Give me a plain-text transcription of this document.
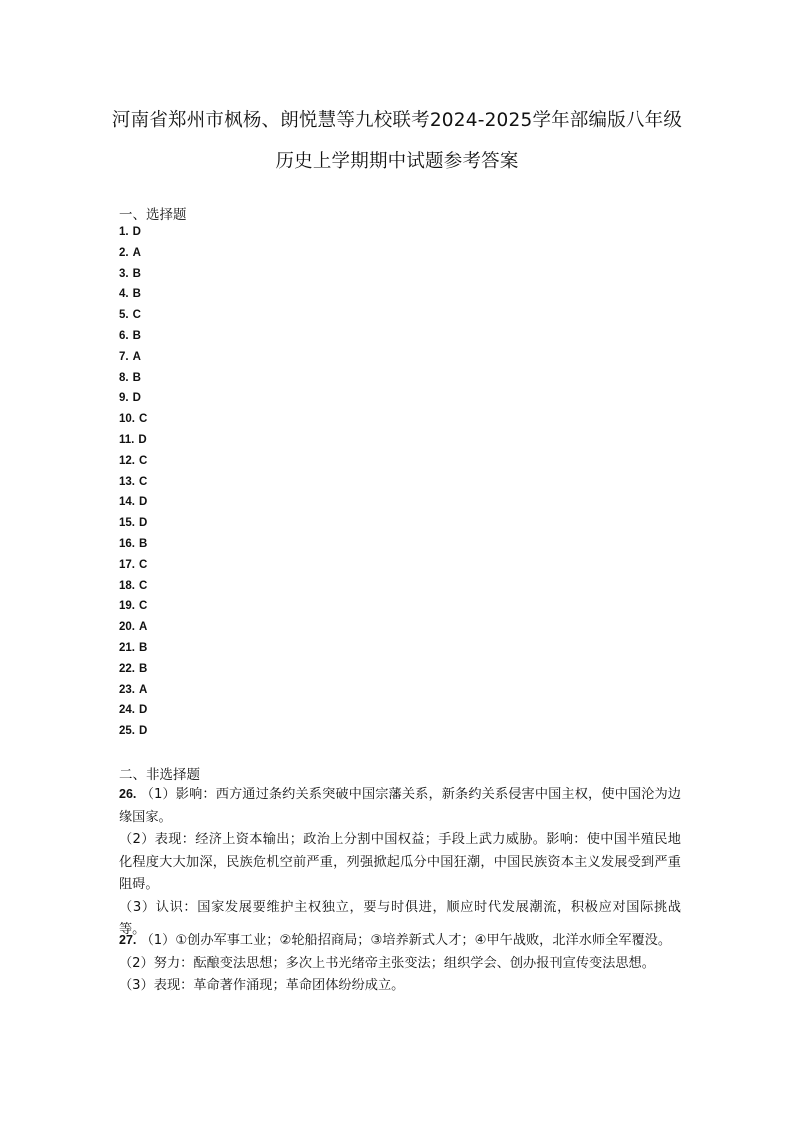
河南省郑州市枫杨、朗悦慧等九校联考2024-2025学年部编版八年级
历史上学期期中试题参考答案
一、选择题
1. D
2. A
3. B
4. B
5. C
6. B
7. A
8. B
9. D
10. C
11. D
12. C
13. C
14. D
15. D
16. B
17. C
18. C
19. C
20. A
21. B
22. B
23. A
24. D
25. D
二、非选择题

26. （1）影响：西方通过条约关系突破中国宗藩关系，新条约关系侵害中国主权，使中国沦为边缘国家。

（2）表现：经济上资本输出；政治上分割中国权益；手段上武力威胁。影响：使中国半殖民地化程度大大加深，民族危机空前严重，列强掀起瓜分中国狂潮，中国民族资本主义发展受到严重阻碍。

（3）认识：国家发展要维护主权独立，要与时俱进，顺应时代发展潮流，积极应对国际挑战等。

27. （1）①创办军事工业；②轮船招商局；③培养新式人才；④甲午战败，北洋水师全军覆没。

（2）努力：酝酿变法思想；多次上书光绪帝主张变法；组织学会、创办报刊宣传变法思想。

（3）表现：革命著作涌现；革命团体纷纷成立。
